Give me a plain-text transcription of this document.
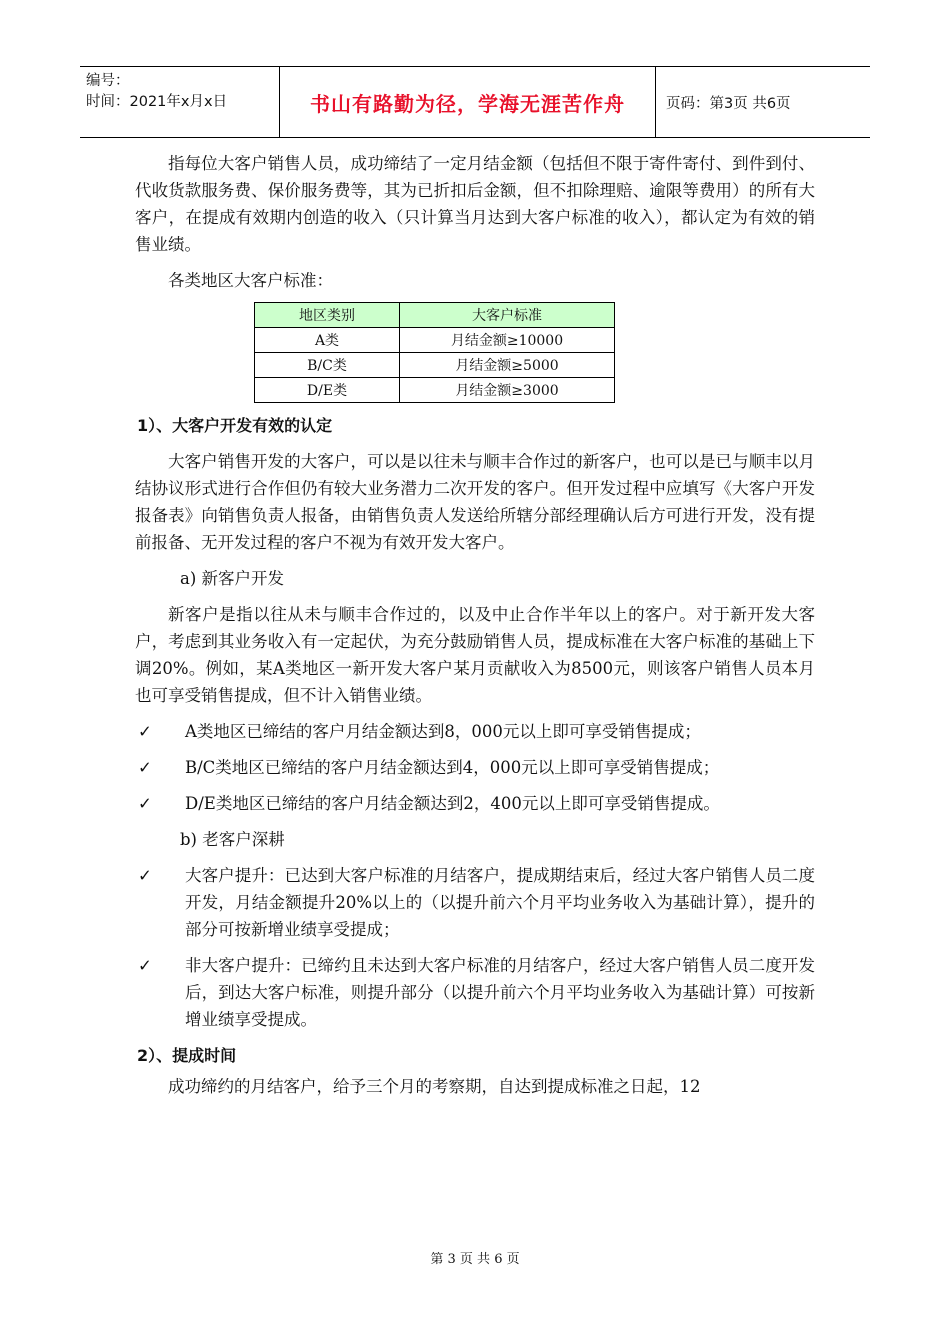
编号：
时间：2021年x月x日	书山有路勤为径，学海无涯苦作舟	页码：第3页 共6页

指每位大客户销售人员，成功缔结了一定月结金额（包括但不限于寄件寄付、到件到付、代收货款服务费、保价服务费等，其为已折扣后金额，但不扣除理赔、逾限等费用）的所有大客户，在提成有效期内创造的收入（只计算当月达到大客户标准的收入），都认定为有效的销售业绩。

各类地区大客户标准：

地区类别	大客户标准
A类	月结金额≥10000
B/C类	月结金额≥5000
D/E类	月结金额≥3000
1）、大客户开发有效的认定

大客户销售开发的大客户，可以是以往未与顺丰合作过的新客户，也可以是已与顺丰以月结协议形式进行合作但仍有较大业务潜力二次开发的客户。但开发过程中应填写《大客户开发报备表》向销售负责人报备，由销售负责人发送给所辖分部经理确认后方可进行开发，没有提前报备、无开发过程的客户不视为有效开发大客户。

a) 新客户开发

新客户是指以往从未与顺丰合作过的，以及中止合作半年以上的客户。对于新开发大客户，考虑到其业务收入有一定起伏，为充分鼓励销售人员，提成标准在大客户标准的基础上下调20%。例如，某A类地区一新开发大客户某月贡献收入为8500元，则该客户销售人员本月也可享受销售提成，但不计入销售业绩。

✓	A类地区已缔结的客户月结金额达到8，000元以上即可享受销售提成；
✓	B/C类地区已缔结的客户月结金额达到4，000元以上即可享受销售提成；
✓	D/E类地区已缔结的客户月结金额达到2，400元以上即可享受销售提成。
b) 老客户深耕
✓	大客户提升：已达到大客户标准的月结客户，提成期结束后，经过大客户销售人员二度开发，月结金额提升20%以上的（以提升前六个月平均业务收入为基础计算），提升的部分可按新增业绩享受提成；
✓	非大客户提升：已缔约且未达到大客户标准的月结客户，经过大客户销售人员二度开发后，到达大客户标准，则提升部分（以提升前六个月平均业务收入为基础计算）可按新增业绩享受提成。
2）、提成时间

成功缔约的月结客户，给予三个月的考察期，自达到提成标准之日起，12

第 3 页 共 6 页
